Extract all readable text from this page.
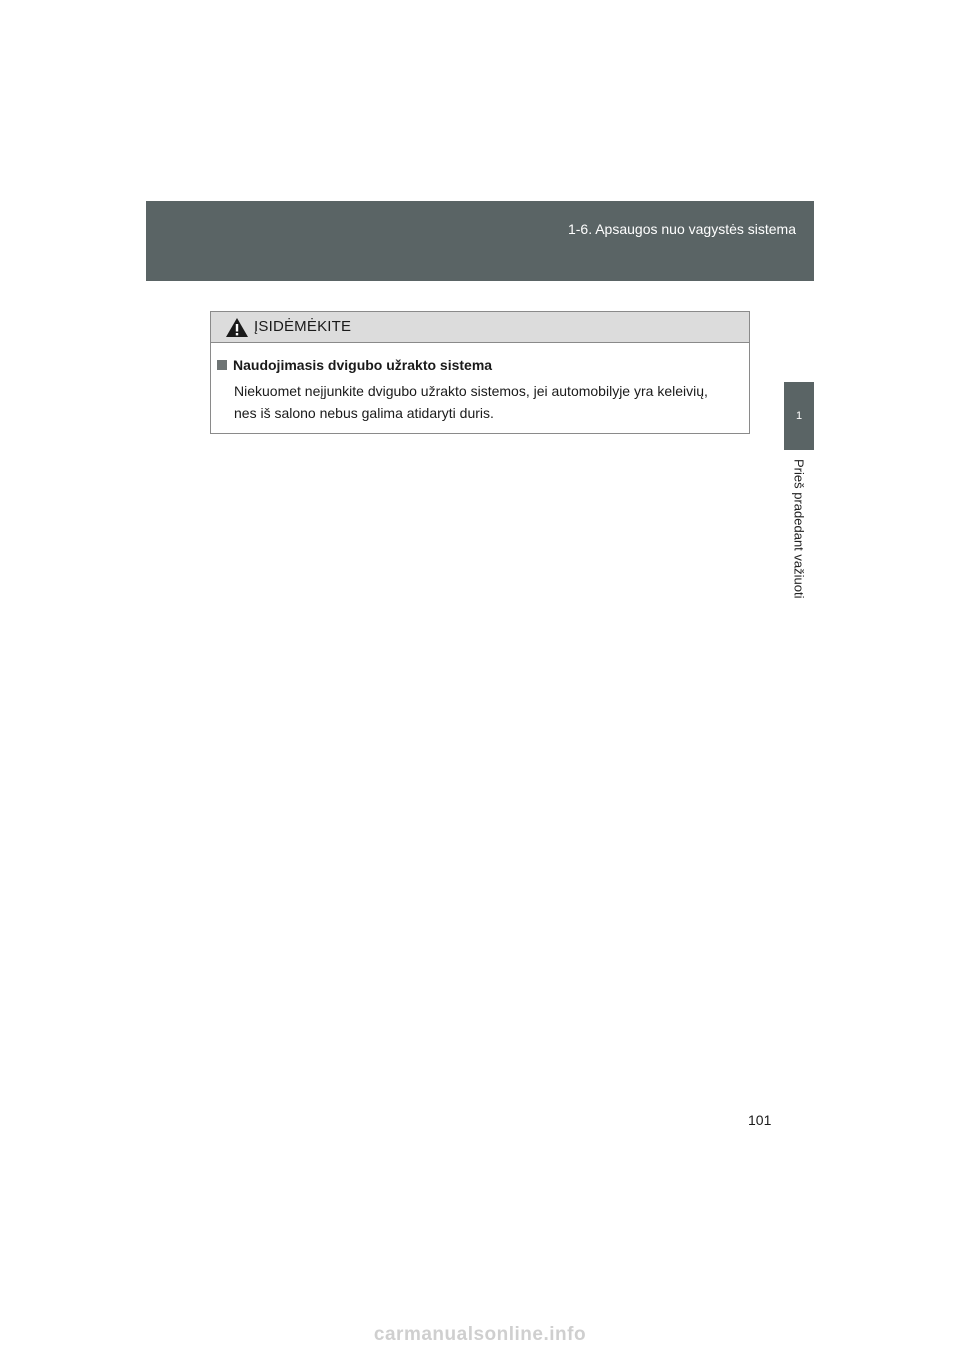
1-6. Apsaugos nuo vagystės sistema
1
Prieš pradedant važiuoti
ĮSIDĖMĖKITE
Naudojimasis dvigubo užrakto sistema
Niekuomet neįjunkite dvigubo užrakto sistemos, jei automobilyje yra keleivių,
nes iš salono nebus galima atidaryti duris.
101
carmanualsonline.info
